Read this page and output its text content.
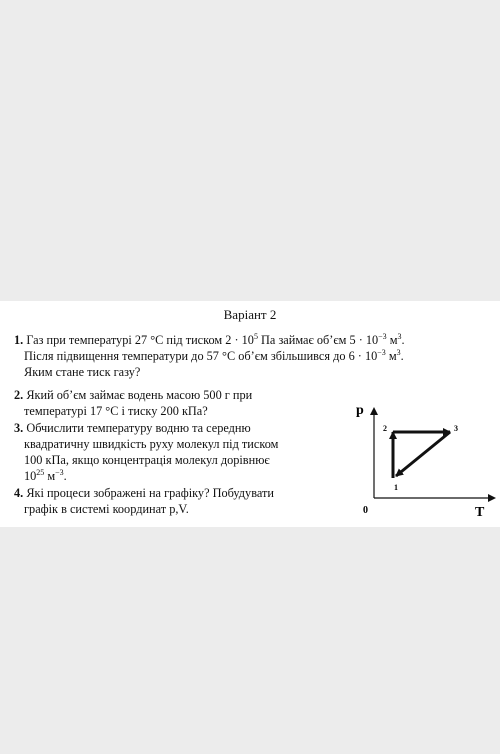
Варіант 2
1. Газ при температурі 27 °С під тиском $2 \cdot 10^5$ Па займає об’єм $5 \cdot 10^{-3}$ $м^3$.
Після підвищення температури до 57 °С об’єм збільшився до $6 \cdot 10^{-3}$ $м^3$.
Яким стане тиск газу?
2. Який об’єм займає водень масою 500 г при
температурі 17 °С і тиску 200 кПа?
3. Обчислити температуру водню та середню
квадратичну швидкість руху молекул під тиском
100 кПа, якщо концентрація молекул дорівнює
$10^{25}$ $м^{-3}$.
4. Які процеси зображені на графіку? Побудувати
графік в системі координат р,V.
p
T
0
1
2	3
